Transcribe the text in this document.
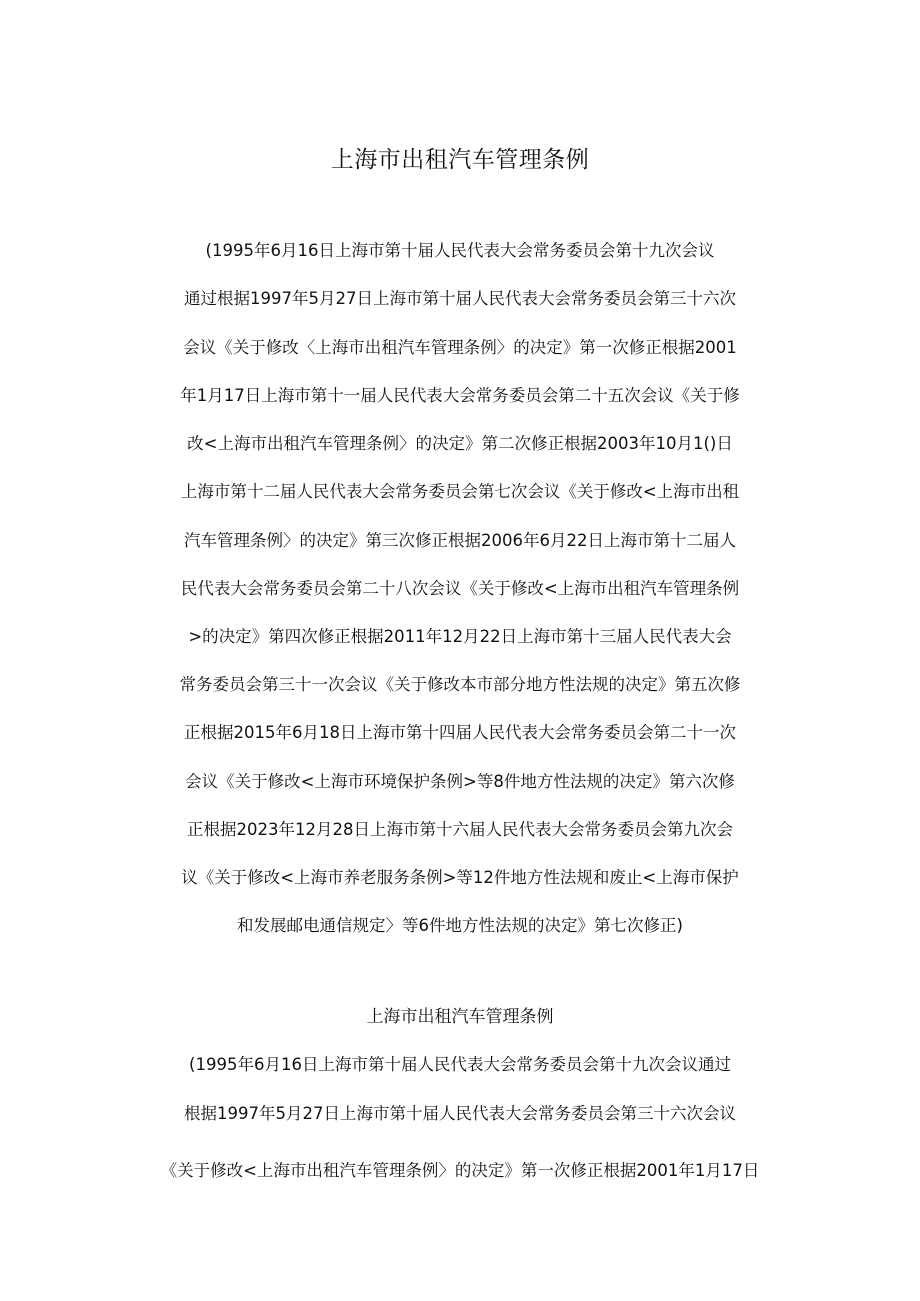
上海市出租汽车管理条例
(1995年6月16日上海市第十届人民代表大会常务委员会第十九次会议
通过根据1997年5月27日上海市第十届人民代表大会常务委员会第三十六次
会议《关于修改〈上海市出租汽车管理条例〉的决定》第一次修正根据2001
年1月17日上海市第十一届人民代表大会常务委员会第二十五次会议《关于修
改<上海市出租汽车管理条例〉的决定》第二次修正根据2003年10月1()日
上海市第十二届人民代表大会常务委员会第七次会议《关于修改<上海市出租
汽车管理条例〉的决定》第三次修正根据2006年6月22日上海市第十二届人
民代表大会常务委员会第二十八次会议《关于修改<上海市出租汽车管理条例
>的决定》第四次修正根据2011年12月22日上海市第十三届人民代表大会
常务委员会第三十一次会议《关于修改本市部分地方性法规的决定》第五次修
正根据2015年6月18日上海市第十四届人民代表大会常务委员会第二十一次
会议《关于修改<上海市环境保护条例>等8件地方性法规的决定》第六次修
正根据2023年12月28日上海市第十六届人民代表大会常务委员会第九次会
议《关于修改<上海市养老服务条例>等12件地方性法规和废止<上海市保护
和发展邮电通信规定〉等6件地方性法规的决定》第七次修正)
上海市出租汽车管理条例
(1995年6月16日上海市第十届人民代表大会常务委员会第十九次会议通过
根据1997年5月27日上海市第十届人民代表大会常务委员会第三十六次会议
《关于修改<上海市出租汽车管理条例〉的决定》第一次修正根据2001年1月17日
